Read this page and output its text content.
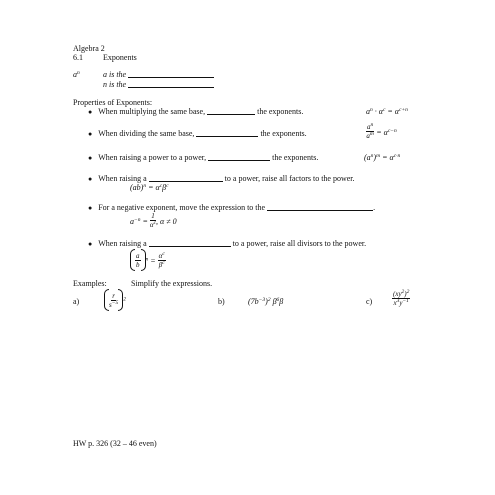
Algebra 2
6.1	Exponents
$a^n$	a is the
n is the
Properties of Exponents:
● When multiplying the same base,	the exponents.	$a^n \cdot \alpha^c = \alpha^{c+n}$
● When dividing the same base,	the exponents.	$\frac{a^n}{a^m} = \alpha^{c-n}$
● When raising a power to a power,	the exponents.	$(a^n)^m = \alpha^{c\cdot n}$
● When raising a	to a power, raise all factors to the power.
$(ab)^n = \alpha^c\beta^c$
● For a negative exponent, move the expression to the	.
$a^{-n} = \frac{1}{\alpha^c}$ , α ≠ 0
● When raising a	to a power, raise all divisors to the power.
$\frac{a}{b} ^n = \frac{\alpha^c}{\beta^c}$
Examples:	Simplify the expressions.
a)	$\frac{r}{s^{-5}} ^2$	b)	$(7b^{-3})^2$ $\beta^6\beta$	c)	$\frac{(xy^2)^2}{x^3y^{-1}}$
HW p. 326 (32 – 46 even)
